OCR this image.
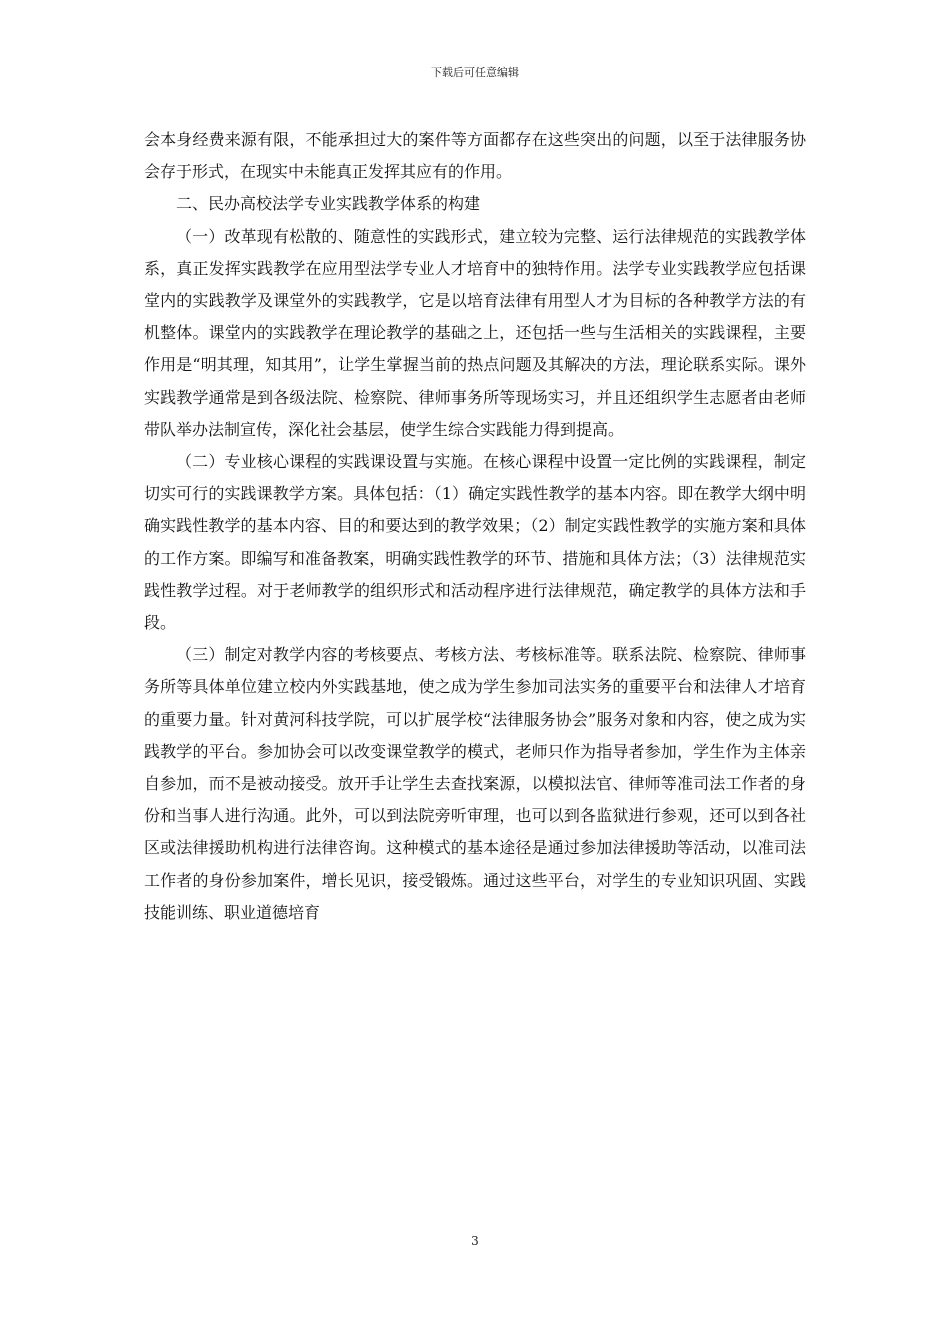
下载后可任意编辑

会本身经费来源有限，不能承担过大的案件等方面都存在这些突出的问题，以至于法律服务协会存于形式，在现实中未能真正发挥其应有的作用。

二、民办高校法学专业实践教学体系的构建

（一）改革现有松散的、随意性的实践形式，建立较为完整、运行法律规范的实践教学体系，真正发挥实践教学在应用型法学专业人才培育中的独特作用。法学专业实践教学应包括课堂内的实践教学及课堂外的实践教学，它是以培育法律有用型人才为目标的各种教学方法的有机整体。课堂内的实践教学在理论教学的基础之上，还包括一些与生活相关的实践课程，主要作用是“明其理，知其用”，让学生掌握当前的热点问题及其解决的方法，理论联系实际。课外实践教学通常是到各级法院、检察院、律师事务所等现场实习，并且还组织学生志愿者由老师带队举办法制宣传，深化社会基层，使学生综合实践能力得到提高。

（二）专业核心课程的实践课设置与实施。在核心课程中设置一定比例的实践课程，制定切实可行的实践课教学方案。具体包括：（1）确定实践性教学的基本内容。即在教学大纲中明确实践性教学的基本内容、目的和要达到的教学效果；（2）制定实践性教学的实施方案和具体的工作方案。即编写和准备教案，明确实践性教学的环节、措施和具体方法；（3）法律规范实践性教学过程。对于老师教学的组织形式和活动程序进行法律规范，确定教学的具体方法和手段。

（三）制定对教学内容的考核要点、考核方法、考核标准等。联系法院、检察院、律师事务所等具体单位建立校内外实践基地，使之成为学生参加司法实务的重要平台和法律人才培育的重要力量。针对黄河科技学院，可以扩展学校“法律服务协会”服务对象和内容，使之成为实践教学的平台。参加协会可以改变课堂教学的模式，老师只作为指导者参加，学生作为主体亲自参加，而不是被动接受。放开手让学生去查找案源，以模拟法官、律师等准司法工作者的身份和当事人进行沟通。此外，可以到法院旁听审理，也可以到各监狱进行参观，还可以到各社区或法律援助机构进行法律咨询。这种模式的基本途径是通过参加法律援助等活动，以准司法工作者的身份参加案件，增长见识，接受锻炼。通过这些平台，对学生的专业知识巩固、实践技能训练、职业道德培育

3
